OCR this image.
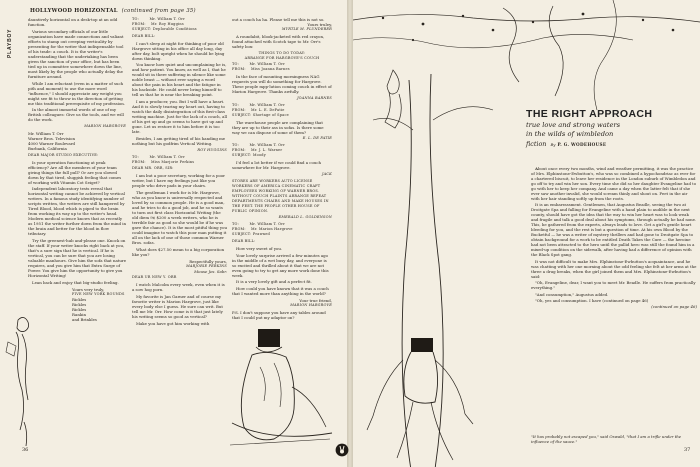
PLAYBOY
HOLLYWOOD HORIZONTAL (continued from page 35)

dauntively horizontal on a desk-top at an odd function.

Various secondary officials of our little organization have made connections and valiant efforts to stamp out creeping verticality by presenting for the writer that indispensable tool of his trade: a couch. It is the writer's understanding that the undertaking has been given the sanction of your office, but has been tied up in committee somewhere down the line, most likely by the people who actually delay the furniture around.

While I am reluctant (even in a matter of such pith and moment) to use the more word "influence," I should appreciate any weight you might see fit to throw in the direction of getting me this traditional prerequisite of my profession.

In the almost immortal words of one of my British colleagues: Give us the tools, and we will do the work.

MARION HARGROVE

Mr. William T. Orr
Warner Bros. Television
4000 Warner Boulevard

Burbank, California

DEAR MAJOR STUDIO EXECUTIVE:

Is your operation functioning at peak efficiency? Are all the members of your team giving things the full pull? Or are you slowed down by that tired, sluggish feeling that comes of working with Vitamin Cot Seiget?

Independent laboratory tests reveal that horizontal writing cannot be achieved by vertical writers. In a famous study identifying number of scripts written, the writers are still hampered by Tired Blood, blood which is piped to the brain from working its way up to the writer's head. Modern medical science knows that as recently as 1951 the writer further down from the mind in the brain and better for the blood in flow tributary.

Try the greenest-hub and-please one. Knock on the staff. If your writer knocks right back at you, that's a sure sign that he is vertical. If he is vertical, you can be sure that you are losing valuable manhours. Give him the sofa that nature requires, and you give him that Extra Surge of Power. You give him the opportunity to give you Horizontal Writing!

Lean back and enjoy that big-studio feeling.

Yours very truly,
FIVE NEW YORK ROUNDS
Rickles
Rickles
Rickles
Rankin
and Brinkles
TO:        Mr. William T. Orr
FROM:    Mr. Roy Huggins

SUBJECT: Deplorable Conditions

DEAR BILL:

I can't sleep at night for thinking of poor old Hargrove sitting in his office all day long, day after day, bolt upright when he should be lying down thinking.

You know how quiet and uncomplaining he is, and how patient. You know, as well as I, that he would sit in there suffering in silence like some noble beast — without ever saying a word about the pain in his heart and the fatigue in his backside. He could never bring himself to tell us that he is near the breaking point.

I am a producer, you. But I will have a heart. And it is slowly tearing my heart out, having to watch the daily disintegration of this first-class writing machine. Just for the lack of a couch, all of his get up and go seems to have got up and gone. Let us restore it to him before it is too late.

Besides, I am getting tired of his handing me nothing but his godfrim Vertical Writing.

ROY HUGGINS

TO:        Mr. William T. Orr

FROM:    Miss Marjorie Perkins

DEAR MR. ORR, SIR:

I am but a poor secretary, working for a poor writer, but I have my feelings just like you people who drive pads in your chairs.

The gentleman I work for is Mr. Hargrove, who as you know is universally respected and loved by so common people. He is a good man, and he tries to do a good job, and he so wants to turn out first class Horizontal Writing (the old diem 9¢ $200 a week writers, who he is terrible fair as good so she would be if he was gave the chance). It is the most pitiful thing you could imagine to watch this poor man putting it all on the lack of one of those common Warner Bros. sofas.

What does $27.50 mean to a big corporation like you?

Respectfully yours,
MARJORIE PERKINS

Mouse Jes. Sabr.

DEAR UR NEW Y. ORR

I watch Malcolm every week, even when it is a sow hog porn.

My favorite is Jan Garner and of course my favorite writer is Marion Hargrove, just like every body else I guess. He sure can writ. But tell me Mr. Orr. How come is it that just lately his writing seems so good as vertical?

Make you have got him working with

out a couch ha ha. Please tell me this is not so.
Yours truley,

MYRTLE M. PLUNDERER

A roundabit, blook-jacketed with red crayon, found attached with Scotch tape to Mr. Orr's safety box:

THINGS TO DO TODAY:

ARRANGE FOR HARGROVE'S COUCH

TO:        Mr. William T. Orr

FROM:    Miss Joanna Barnes

In the face of mounting morningness NAG requests you will do something for Hargrove. These people mpp-lution coming couch in effect of Marion Hargrove. Thanks awfully.

JOANNA BARNES

TO:        Mr. William T. Orr
FROM:    Mr. L. E. DePatie

SUBJECT: Shortage of Space

The warehouse people are complaining that they are up to their ass in sofas. Is there some way we can dispose of some of them?

E. L. DE PATIE

TO:        Mr. William T. Orr
FROM:    Mr. J. L. Warner

SUBJECT: Moody

I'd feel a lot better if we could find a couch somewhere for Mr. Hargrove.

JACK

STORES ARE WORKERS AUTO LICENSE WORKERS OF AMERICA CINEMATIC CRAFT EMPLOYEES WORKING OF WARNER BROS. WITHOUT COUCH PLAINTS ARRANGE REPEAT DEPARTMENTS CHAIRS AND MAKE HOUSES IN THE FEET. THE PEOPLE OTHER HOUSE OF PUBLIC OPINION.

EMERALD L. GOLDENSON

TO:        Mr. William T. Orr
FROM:    Mr. Marion Hargrove

SUBJECT: Prawned

DEAR BILL:

How very sweet of you.

Your lovely surprise arrived a few minutes ago in the middle of a wet busy day, and everyone is so excited and thrilled about it that we are not even going to try to get any more work done this week.

It is a very lovely gift and a perfect fit.

How could you have known that it was a couch that I wanted more than anything in the world?

Your true friend,

MARION HARGROVE

P.S. I don't suppose you have any tables around that I could put my adaptor on?

36
THE RIGHT APPROACH
true love and strong waters
in the wilds of wimbledon
fiction By P. G. WODEHOUSE

About once every two months, wind and weather permitting, it was the practice of Mrs. Elphinstone-Ewbutton's, who was so combined a hypochondriac as ever for a chartered biscuit, to leave her residence in the London suburb of Wimbledon and go off to try and win her son. Every time she did so her daughter Evangeline had to go with her to keep her company. And came a day when the latter felt that if she ever saw another invalid, she would scream thinly and shout on. Feet in the air with her hair standing softly up from the roots.

It is an embarrassment. Gentlemen, that Augustus Beadle, seeing the two at Droitgate Spa and falling for Evangeline with a hand plain to audible in the next county, should have got the idea that the way to win her heart was to look weak and fragile and talk a good deal about his symptoms, through actually he had none. This, he gathered from the experts, always leads to love. Get a girl's gentle heart bleeding for you, and the rest is but a question of time. At his own Blood by the Bucketful — he was a writer of mystery thrillers and had gone to Droitgate Spa to obtain background for a work to be entitled Death Takes the Cure — the heroine had not been attracted to the hero until the pallid hero was still the found him in a mixed-up condition on the sidewalk, after having had a difference of opinion with the Black Spot gang.

It was not difficult to make Mrs. Elphinstone-Ewbutton's acquaintance, and he was chatting with her one morning about the odd feeling she felt at her arms at the three a drug breaks, when the girl joined them and Mrs. Elphinstone-Ewbutton's said:

"Oh, Evangeline, dear, I want you to meet Mr. Beadle. He suffers from practically everything."

"And consumption," Augustus added.

"Oh, yes and consumption. I have (continued on page 46)

(continued on page 46)
"It has probably not escaped you," said Oswald, "that I am a trifle under the influence of the sauce."
37
